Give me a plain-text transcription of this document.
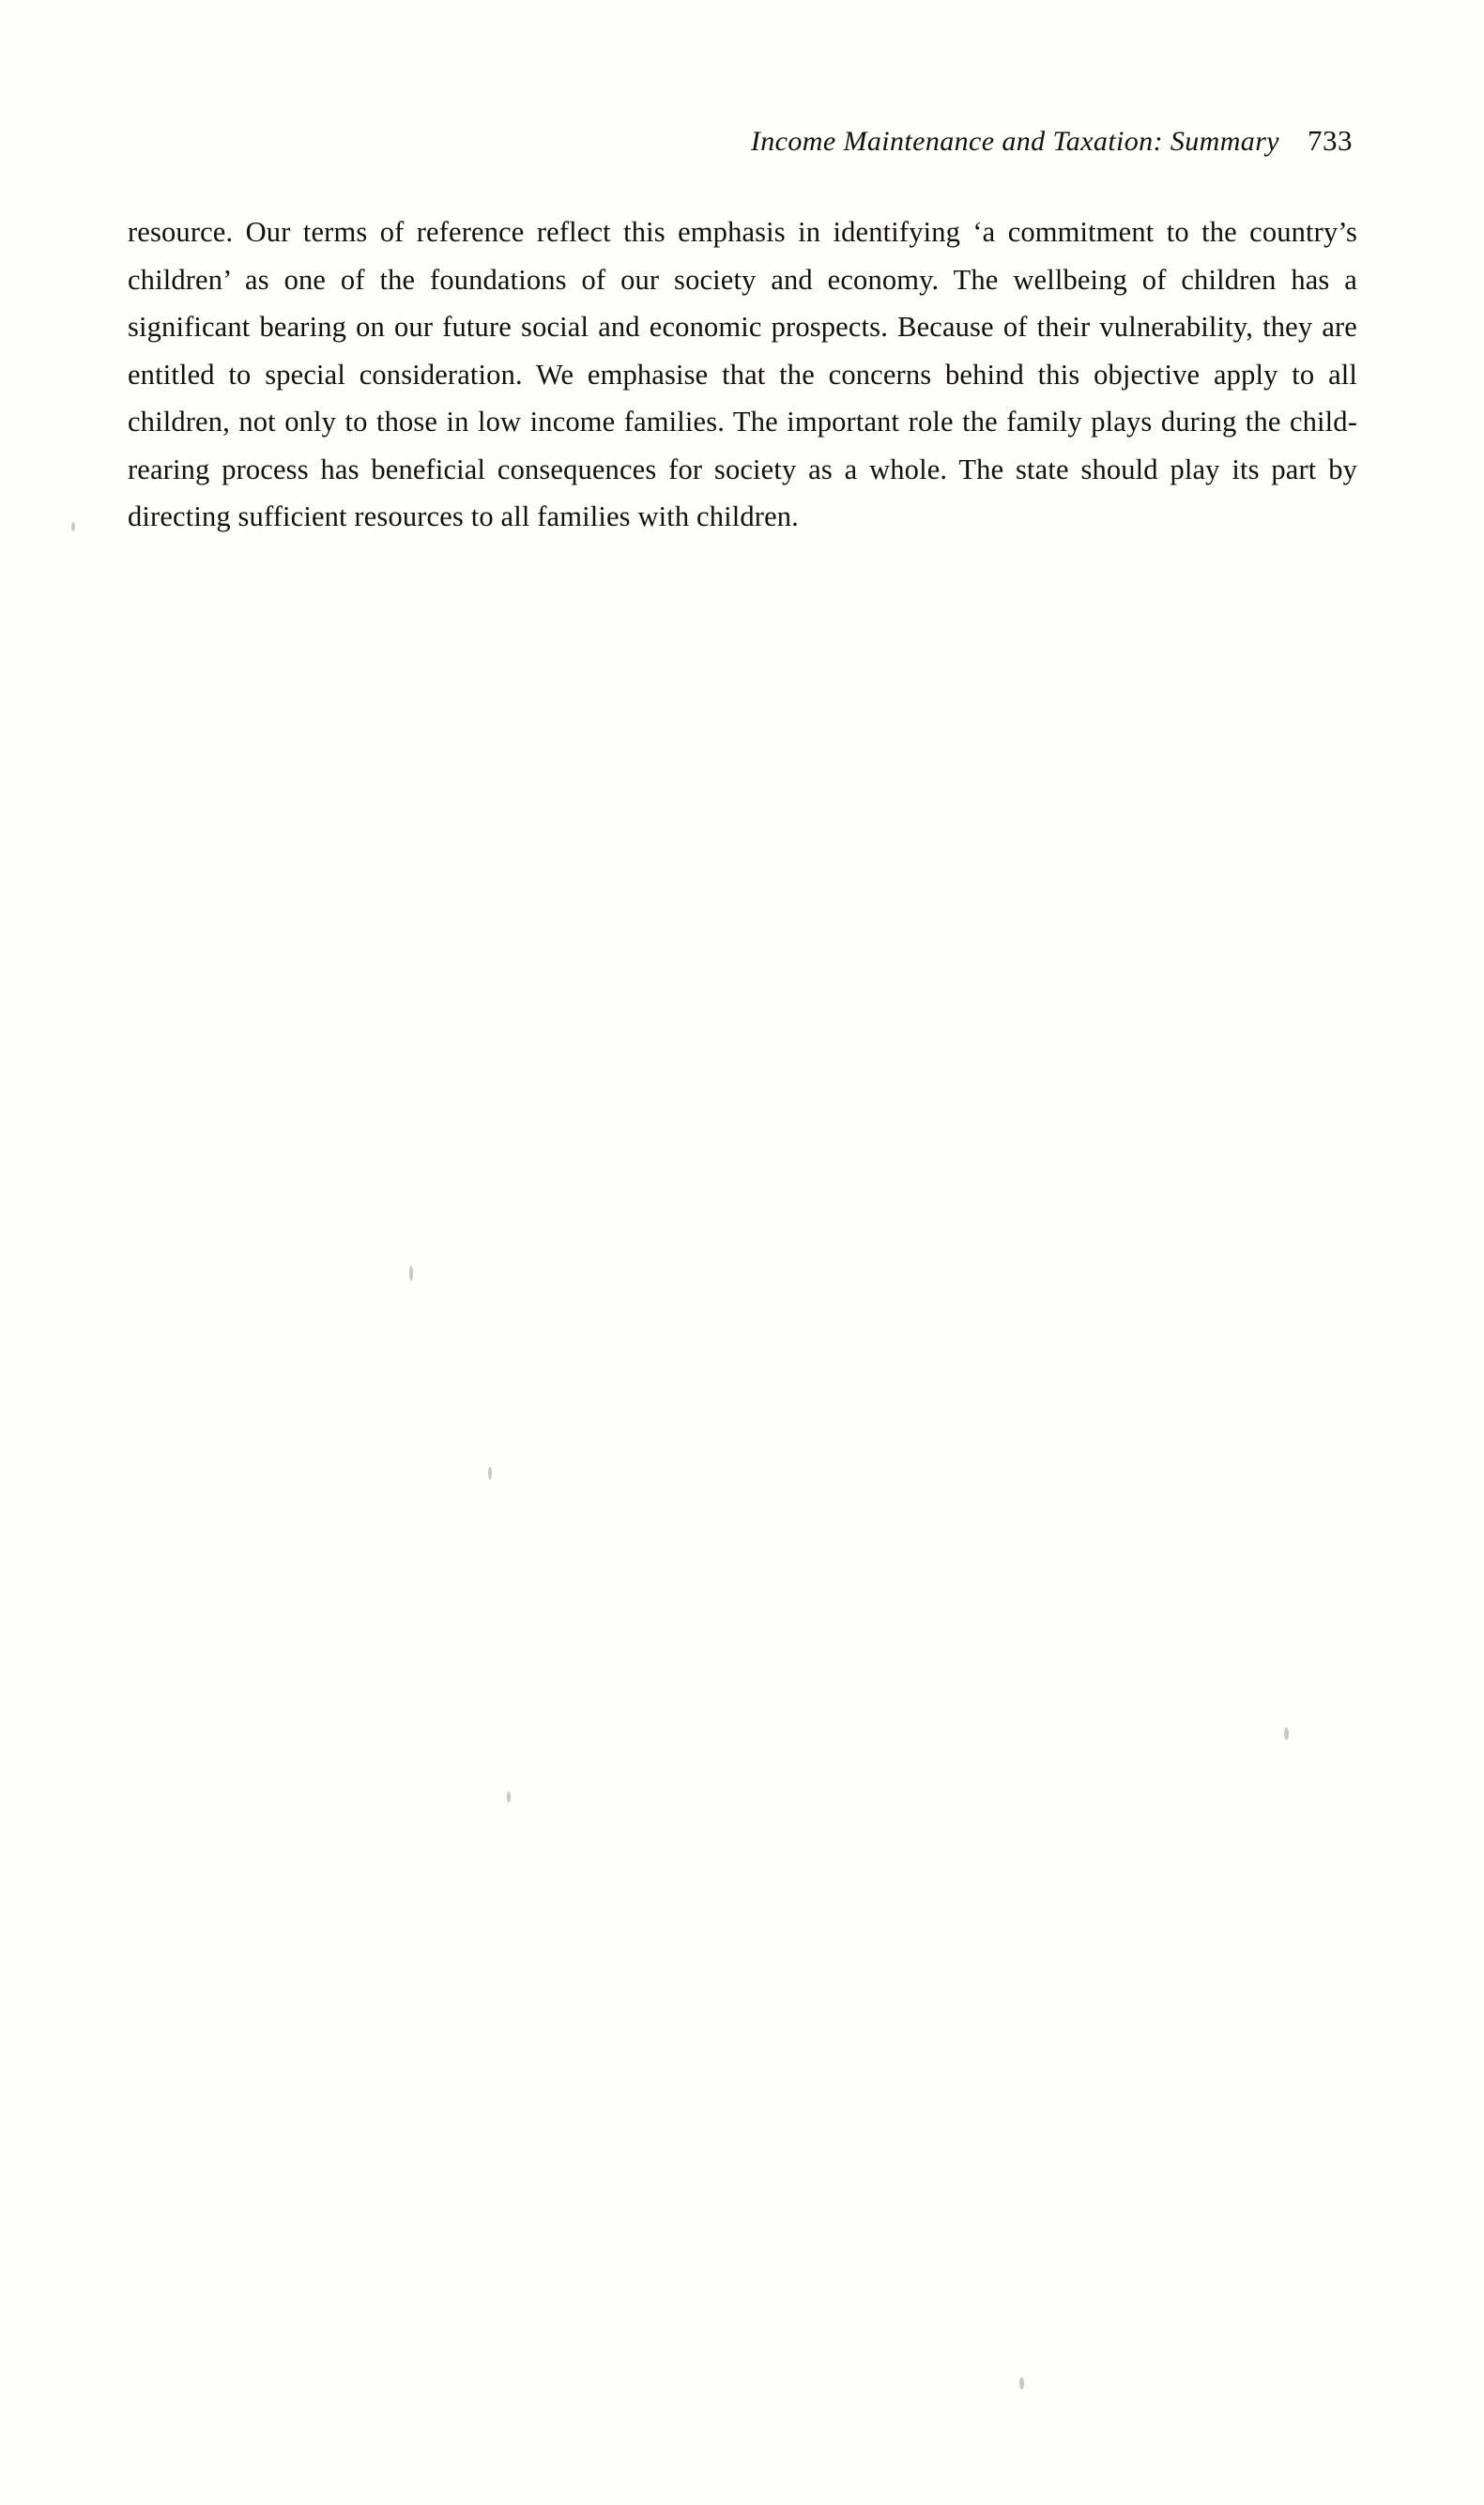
Income Maintenance and Taxation: Summary 733

resource. Our terms of reference reflect this emphasis in identifying ‘a commitment to the country’s children’ as one of the foundations of our society and economy. The wellbeing of children has a significant bearing on our future social and economic prospects. Because of their vulnerability, they are entitled to special consideration. We emphasise that the concerns behind this objective apply to all children, not only to those in low income families. The important role the family plays during the child-rearing process has beneficial consequences for society as a whole. The state should play its part by directing sufficient resources to all families with children.
